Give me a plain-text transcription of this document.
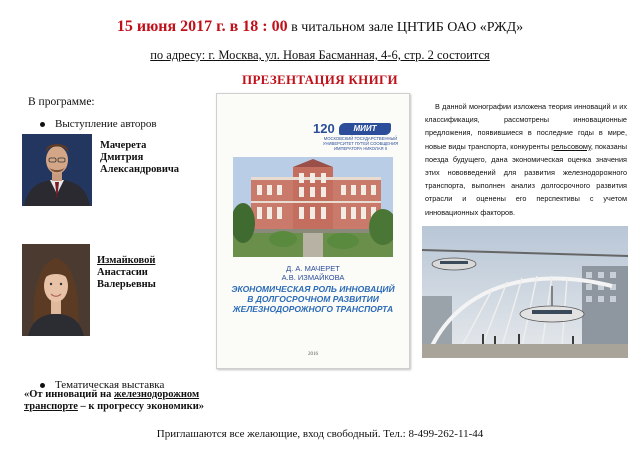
15 июня 2017 г. в 18 : 00 в читальном зале ЦНТИБ ОАО «РЖД»
по адресу: г. Москва, ул. Новая Басманная, 4-6, стр. 2 состоится
ПРЕЗЕНТАЦИЯ КНИГИ
В программе:
Выступление авторов
Мачерета
Дмитрия
Александровича
Измайковой
Анастасии
Валерьевны
Тематическая выставка
«От инноваций на железнодорожном транспорте – к прогрессу экономики»
120	МИИТ
МОСКОВСКИЙ ГОСУДАРСТВЕННЫЙ УНИВЕРСИТЕТ ПУТЕЙ СООБЩЕНИЯ ИМПЕРАТОРА НИКОЛАЯ II
Д. А. МАЧЕРЕТ
А.В. ИЗМАЙКОВА
ЭКОНОМИЧЕСКАЯ РОЛЬ ИННОВАЦИЙ В ДОЛГОСРОЧНОМ РАЗВИТИИ ЖЕЛЕЗНОДОРОЖНОГО ТРАНСПОРТА
2016
В данной монографии изложена теория инноваций и их классификация, рассмотрены инновационные предложения, появившиеся в последние годы в мире, новые виды транспорта, конкуренты рельсовому, показаны поезда будущего, дана экономическая оценка значения этих нововведений для развития железнодорожного транспорта, выполнен анализ долгосрочного развития отрасли и оценены его перспективы с учетом инновационных факторов.
Приглашаются все желающие, вход свободный. Тел.: 8-499-262-11-44
